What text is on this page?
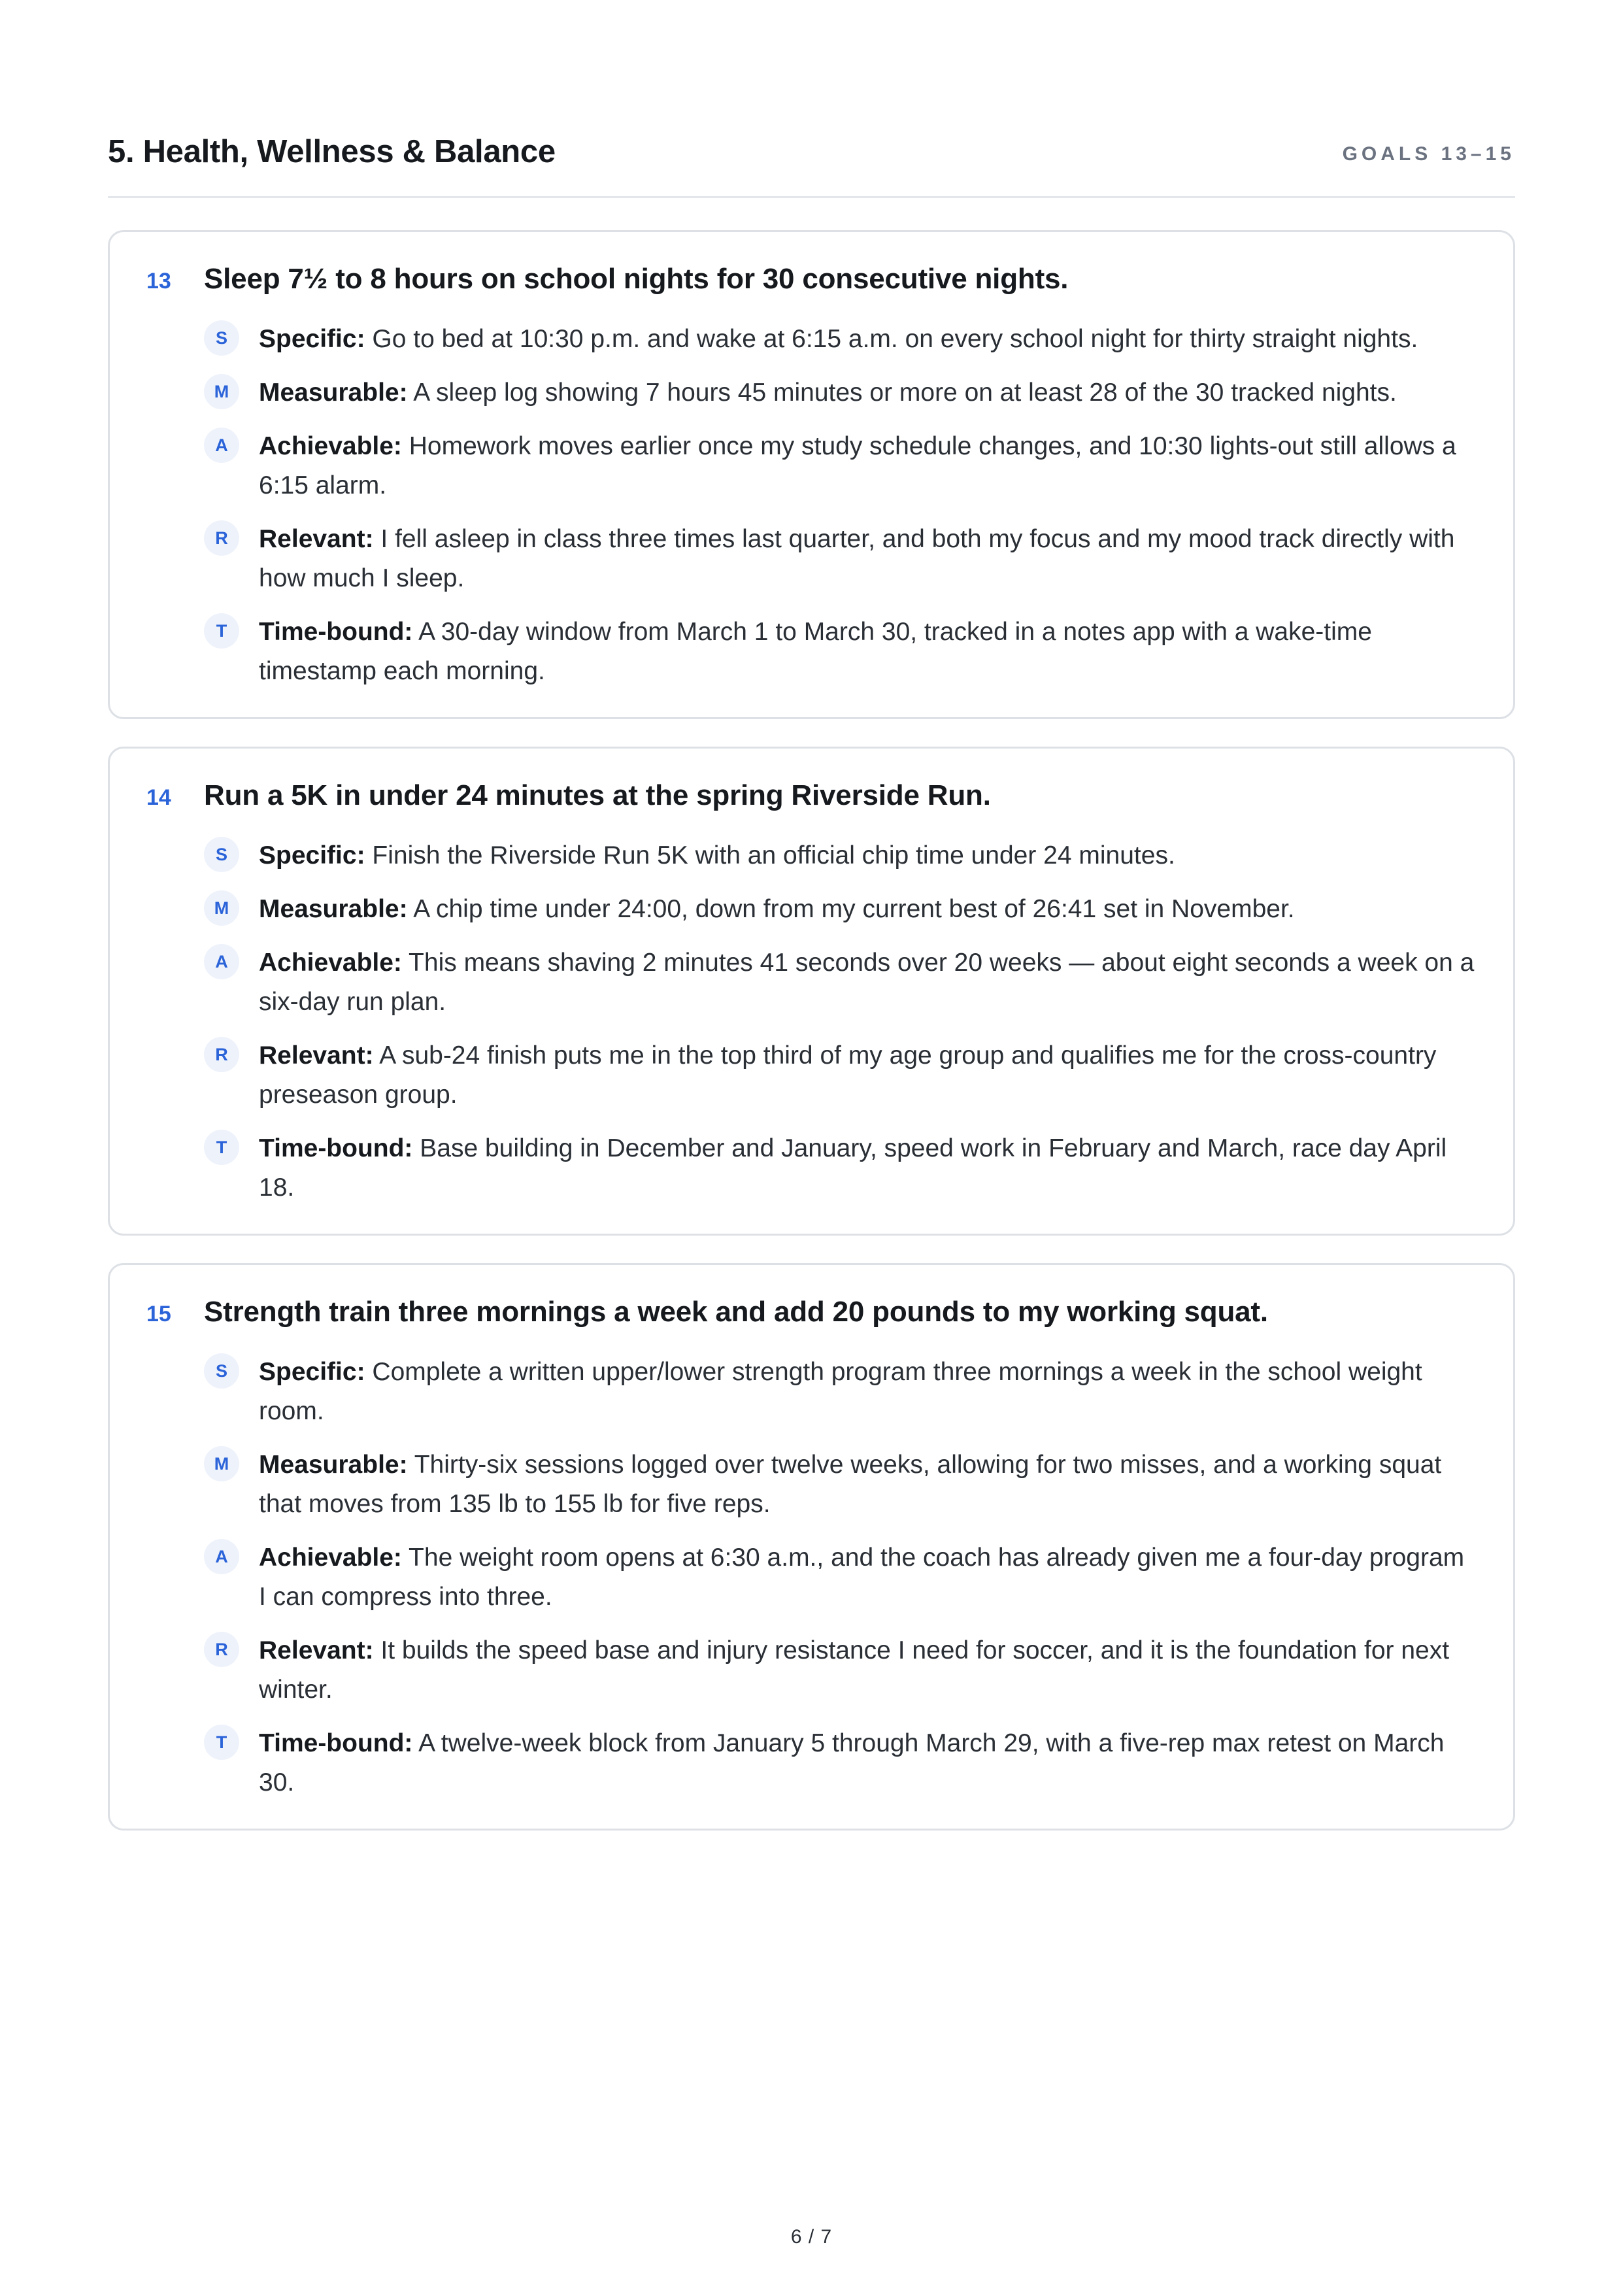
5. Health, Wellness & Balance	GOALS 13–15
13	Sleep 7½ to 8 hours on school nights for 30 consecutive nights.
S	Specific: Go to bed at 10:30 p.m. and wake at 6:15 a.m. on every school night for thirty straight nights.
M	Measurable: A sleep log showing 7 hours 45 minutes or more on at least 28 of the 30 tracked nights.
A	Achievable: Homework moves earlier once my study schedule changes, and 10:30 lights-out still allows a 6:15 alarm.
R	Relevant: I fell asleep in class three times last quarter, and both my focus and my mood track directly with how much I sleep.
T	Time-bound: A 30-day window from March 1 to March 30, tracked in a notes app with a wake-time timestamp each morning.
14	Run a 5K in under 24 minutes at the spring Riverside Run.
S	Specific: Finish the Riverside Run 5K with an official chip time under 24 minutes.
M	Measurable: A chip time under 24:00, down from my current best of 26:41 set in November.
A	Achievable: This means shaving 2 minutes 41 seconds over 20 weeks — about eight seconds a week on a six-day run plan.
R	Relevant: A sub-24 finish puts me in the top third of my age group and qualifies me for the cross-country preseason group.
T	Time-bound: Base building in December and January, speed work in February and March, race day April 18.
15	Strength train three mornings a week and add 20 pounds to my working squat.
S	Specific: Complete a written upper/lower strength program three mornings a week in the school weight room.
M	Measurable: Thirty-six sessions logged over twelve weeks, allowing for two misses, and a working squat that moves from 135 lb to 155 lb for five reps.
A	Achievable: The weight room opens at 6:30 a.m., and the coach has already given me a four-day program I can compress into three.
R	Relevant: It builds the speed base and injury resistance I need for soccer, and it is the foundation for next winter.
T	Time-bound: A twelve-week block from January 5 through March 29, with a five-rep max retest on March 30.
6 / 7
